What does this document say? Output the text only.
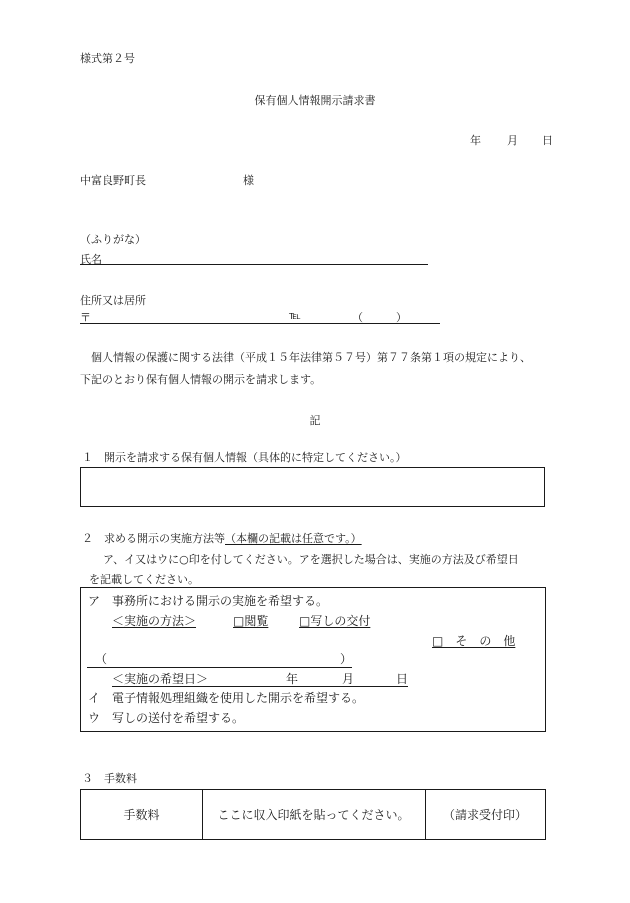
様式第２号
保有個人情報開示請求書
年 月 日
中富良野町長	様
（ふりがな）
氏名
住所又は居所
〒	℡	（　　　）
個人情報の保護に関する法律（平成１５年法律第５７号）第７７条第１項の規定により、
下記のとおり保有個人情報の開示を請求します。
記
１　開示を請求する保有個人情報（具体的に特定してください。）
２　求める開示の実施方法等（本欄の記載は任意です。）
ア、イ又はウに○印を付してください。アを選択した場合は、実施の方法及び希望日
を記載してください。
ア　事務所における開示の実施を希望する。
＜実施の方法＞	□閲覧	□写しの交付
□　そ　の　他
（	）
＜実施の希望日＞	年	月	日
イ　電子情報処理組織を使用した開示を希望する。
ウ　写しの送付を希望する。
３　手数料
手数料	ここに収入印紙を貼ってください。	（請求受付印）
